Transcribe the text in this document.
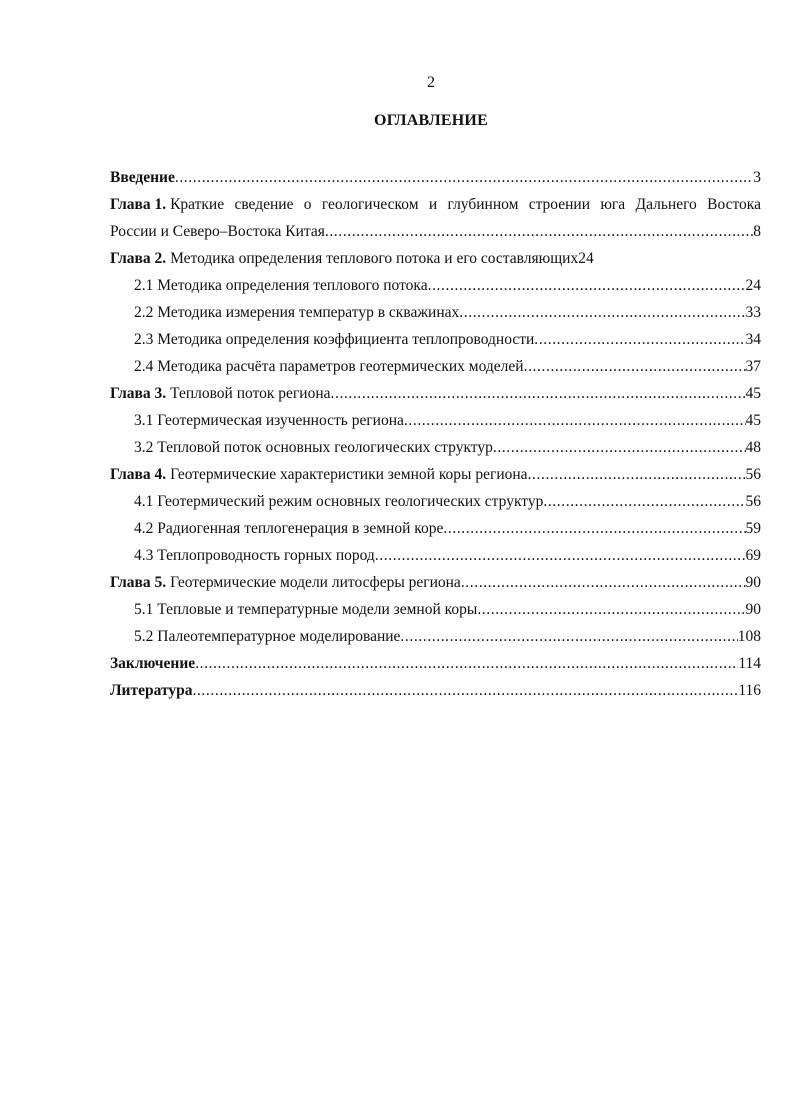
2
ОГЛАВЛЕНИЕ
Введение .....	3
Глава 1. Краткие сведение о геологическом и глубинном строении юга Дальнего Востока
России и Северо–Востока Китая .....	8
Глава 2. Методика определения теплового потока и его составляющих 24
2.1 Методика определения теплового потока .....	24
2.2 Методика измерения температур в скважинах .....	33
2.3 Методика определения коэффициента теплопроводности .....	34
2.4 Методика расчёта параметров геотермических моделей .....	37
Глава 3. Тепловой поток региона .....	45
3.1 Геотермическая изученность региона .....	45
3.2 Тепловой поток основных геологических структур .....	48
Глава 4. Геотермические характеристики земной коры региона .....	56
4.1 Геотермический режим основных геологических структур .....	56
4.2 Радиогенная теплогенерация в земной коре .....	59
4.3 Теплопроводность горных пород .....	69
Глава 5. Геотермические модели литосферы региона .....	90
5.1 Тепловые и температурные модели земной коры .....	90
5.2 Палеотемпературное моделирование .....	108
Заключение .....	114
Литература .....	116
